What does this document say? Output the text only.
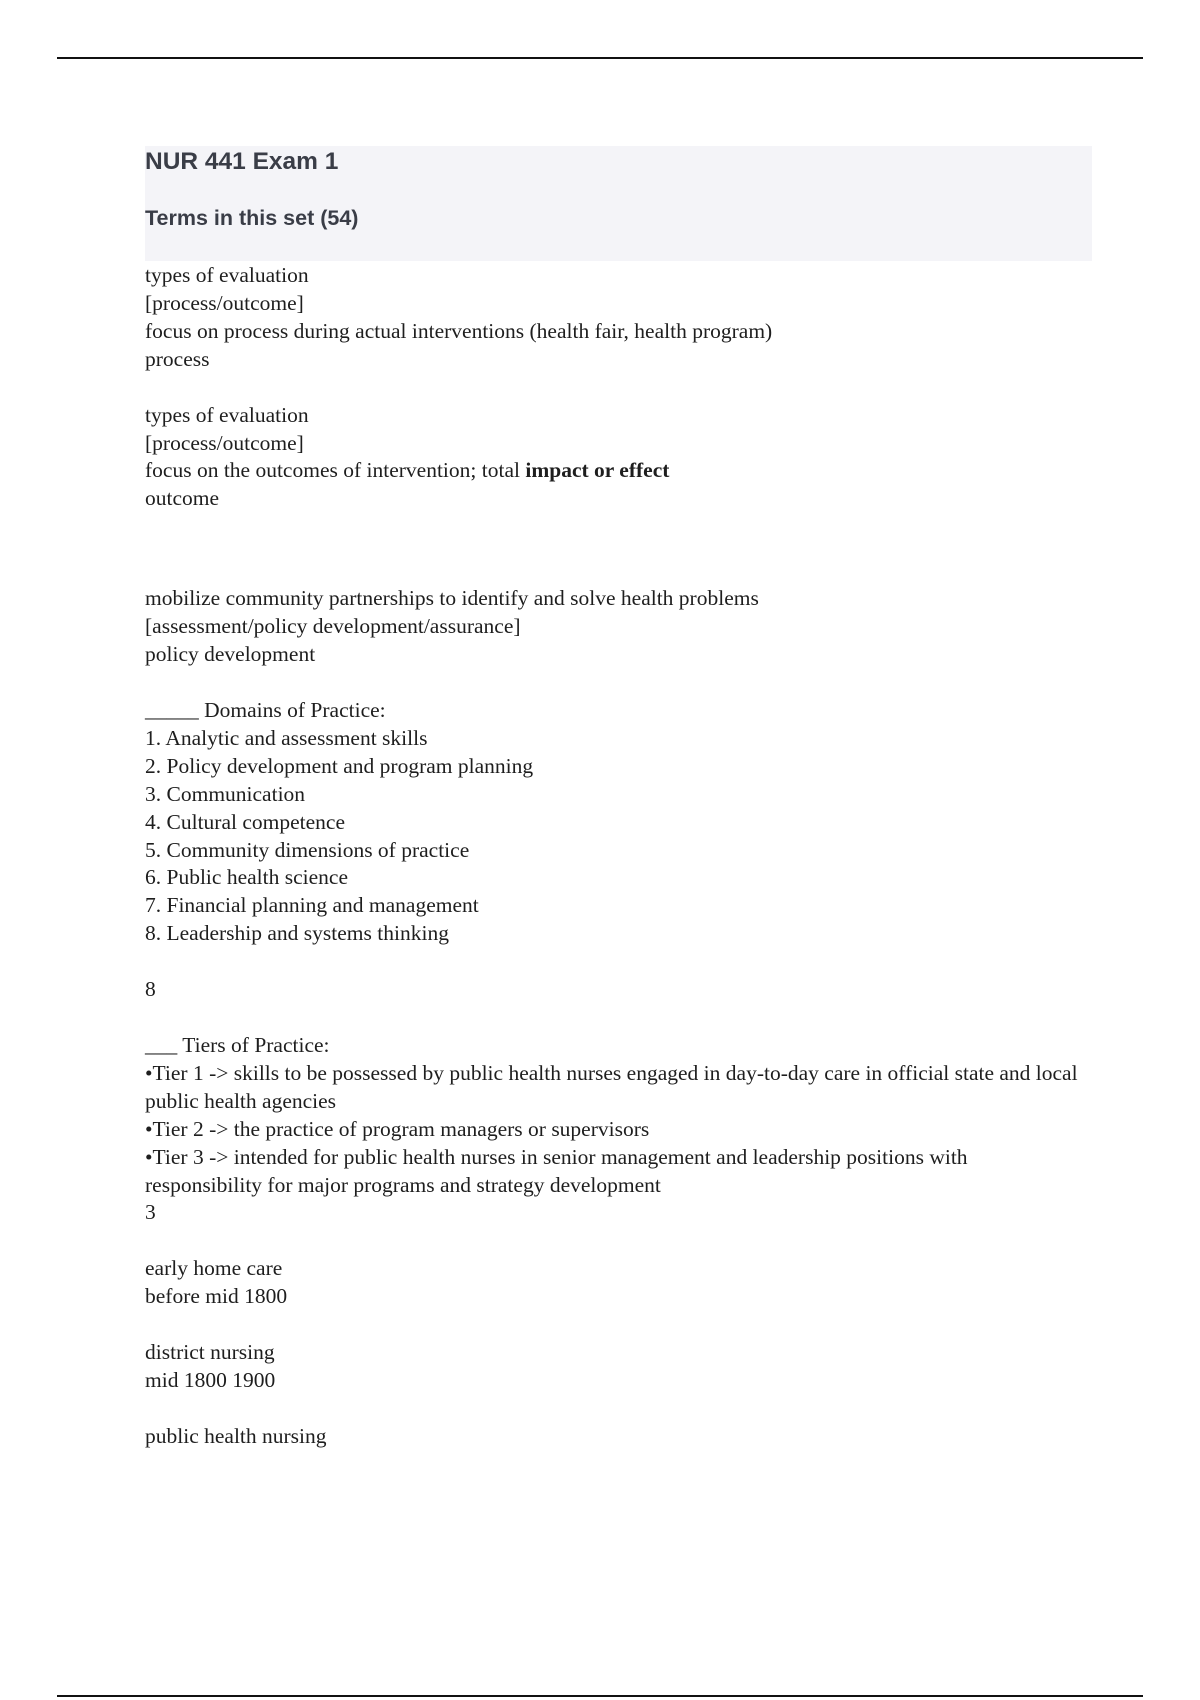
NUR 441 Exam 1
Terms in this set (54)
types of evaluation
[process/outcome]
focus on process during actual interventions (health fair, health program)
process
types of evaluation
[process/outcome]
focus on the outcomes of intervention; total impact or effect
outcome
mobilize community partnerships to identify and solve health problems
[assessment/policy development/assurance]
policy development
_____ Domains of Practice:
1. Analytic and assessment skills
2. Policy development and program planning
3. Communication
4. Cultural competence
5. Community dimensions of practice
6. Public health science
7. Financial planning and management
8. Leadership and systems thinking
8
___ Tiers of Practice:
•Tier 1 -> skills to be possessed by public health nurses engaged in day-to-day care in official state and local public health agencies
•Tier 2 -> the practice of program managers or supervisors
•Tier 3 -> intended for public health nurses in senior management and leadership positions with responsibility for major programs and strategy development
3
early home care
before mid 1800
district nursing
mid 1800 1900
public health nursing
